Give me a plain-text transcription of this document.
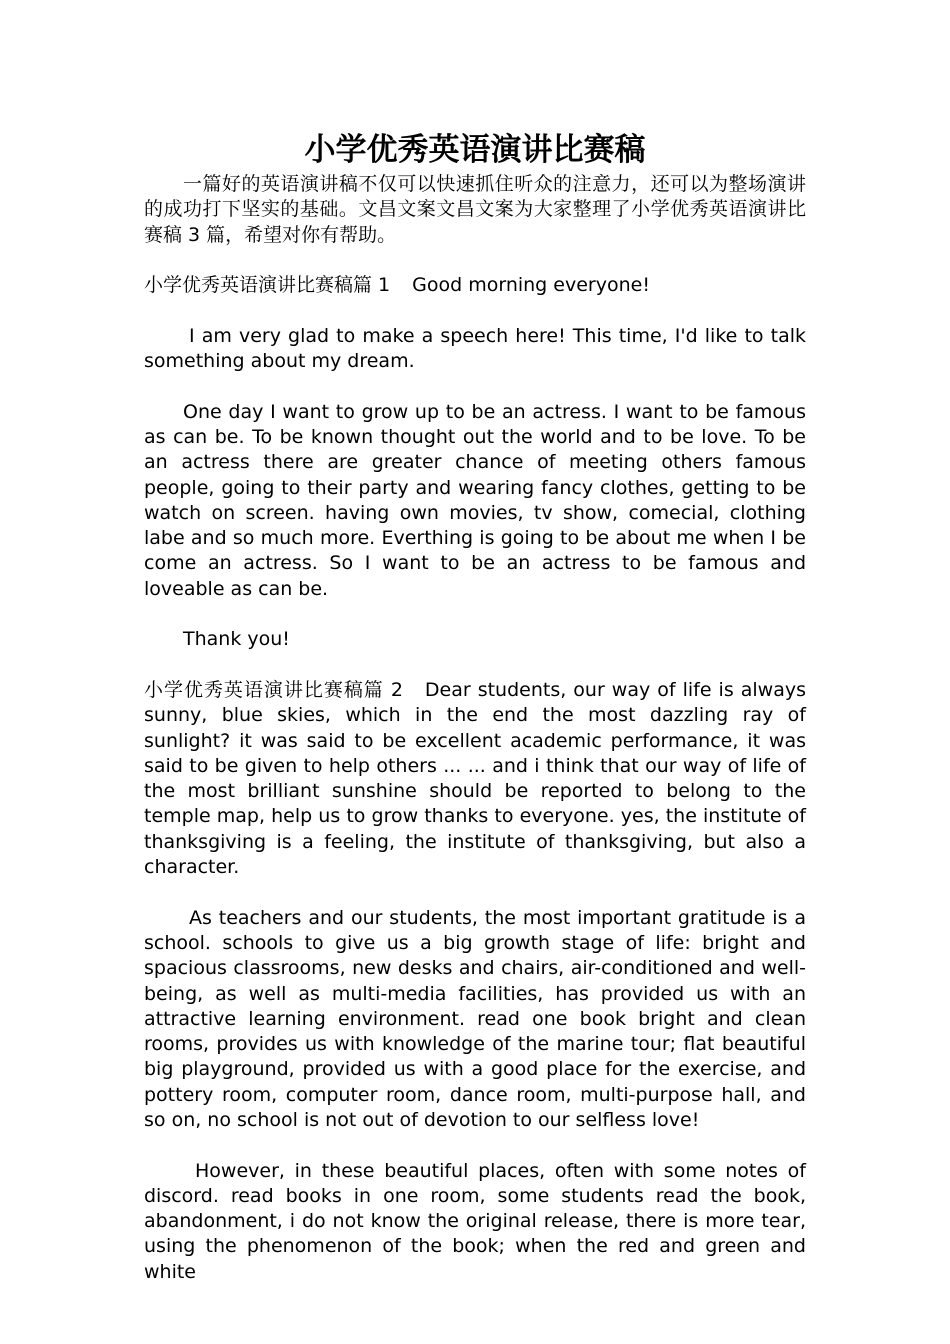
小学优秀英语演讲比赛稿

一篇好的英语演讲稿不仅可以快速抓住听众的注意力，还可以为整场演讲的成功打下坚实的基础。文昌文案文昌文案为大家整理了小学优秀英语演讲比赛稿 3 篇，希望对你有帮助。

小学优秀英语演讲比赛稿篇 1 Good morning everyone!

I am very glad to make a speech here! This time, I'd like to talk something about my dream.

One day I want to grow up to be an actress. I want to be famous as can be. To be known thought out the world and to be love. To be an actress there are greater chance of meeting others famous people, going to their party and wearing fancy clothes, getting to be watch on screen. having own movies, tv show, comecial, clothing labe and so much more. Everthing is going to be about me when I be come an actress. So I want to be an actress to be famous and loveable as can be.

Thank you!

小学优秀英语演讲比赛稿篇 2 Dear students, our way of life is always sunny, blue skies, which in the end the most dazzling ray of sunlight? it was said to be excellent academic performance, it was said to be given to help others ... ... and i think that our way of life of the most brilliant sunshine should be reported to belong to the temple map, help us to grow thanks to everyone. yes, the institute of thanksgiving is a feeling, the institute of thanksgiving, but also a character.

As teachers and our students, the most important gratitude is a school. schools to give us a big growth stage of life: bright and spacious classrooms, new desks and chairs, air-conditioned and well-being, as well as multi-media facilities, has provided us with an attractive learning environment. read one book bright and clean rooms, provides us with knowledge of the marine tour; flat beautiful big playground, provided us with a good place for the exercise, and pottery room, computer room, dance room, multi-purpose hall, and so on, no school is not out of devotion to our selfless love!

However, in these beautiful places, often with some notes of discord. read books in one room, some students read the book, abandonment, i do not know the original release, there is more tear, using the phenomenon of the book; when the red and green and white
